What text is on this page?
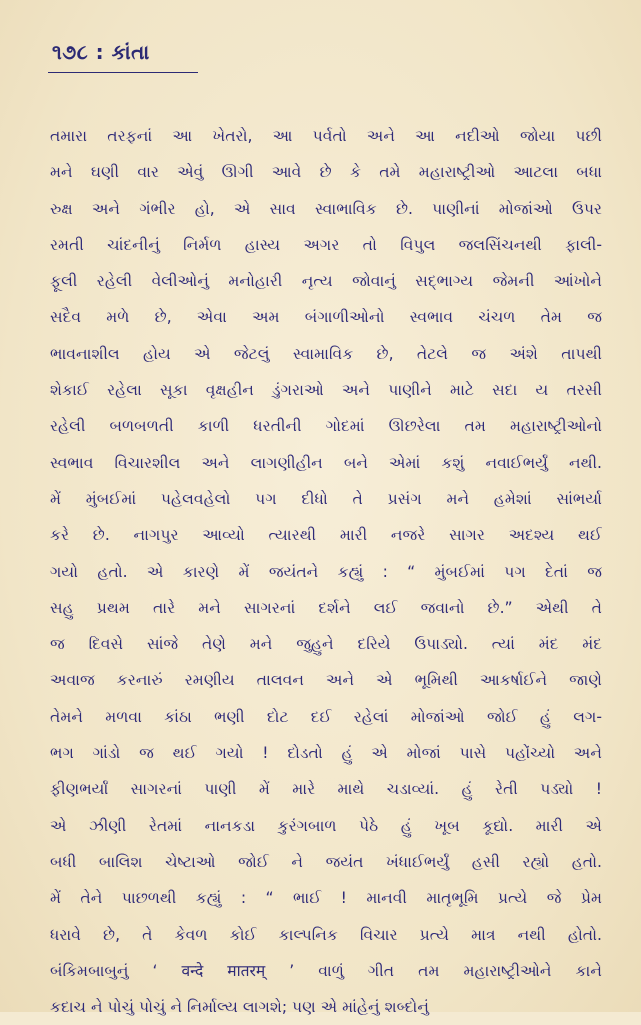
૧૭૮ : કાંતા
તમારા તરફનાં આ ખેતરો, આ પર્વતો અને આ નદીઓ જોયા પછી
મને ઘણી વાર એવું ઊગી આવે છે કે તમે મહારાષ્ટ્રીઓ આટલા બધા
રુક્ષ અને ગંભીર હો, એ સાવ સ્વાભાવિક છે. પાણીનાં મોજાંઓ ઉપર
રમતી ચાંદનીનું નિર્મળ હાસ્ય અગર તો વિપુલ જલસિંચનથી ફાલી-
ફૂલી રહેલી વેલીઓનું મનોહારી નૃત્ય જોવાનું સદ્ભાગ્ય જેમની આંખોને
સદૈવ મળે છે, એવા અમ બંગાળીઓનો સ્વભાવ ચંચળ તેમ જ
ભાવનાશીલ હોય એ જેટલું સ્વામાવિક છે, તેટલે જ અંશે તાપથી
શેકાઈ રહેલા સૂકા વૃક્ષહીન ડુંગરાઓ અને પાણીને માટે સદા ય તરસી
રહેલી બળબળતી કાળી ધરતીની ગોદમાં ઊછરેલા તમ મહારાષ્ટ્રીઓનો
સ્વભાવ વિચારશીલ અને લાગણીહીન બને એમાં કશું નવાઈભર્યું નથી.
મેં મુંબઈમાં પહેલવહેલો પગ દીધો તે પ્રસંગ મને હમેશાં સાંભર્યા
કરે છે. નાગપુર આવ્યો ત્યારથી મારી નજરે સાગર અદશ્ય થઈ
ગયો હતો. એ કારણે મેં જયંતને કહ્યું : “ મુંબઈમાં પગ દેતાં જ
સહુ પ્રથમ તારે મને સાગરનાં દર્શને લઈ જવાનો છે.” એથી તે
જ દિવસે સાંજે તેણે મને જુહુને દરિયે ઉપાડ્યો. ત્યાં મંદ મંદ
અવાજ કરનારું રમણીય તાલવન અને એ ભૂમિથી આકર્ષાઈને જાણે
તેમને મળવા કાંઠા ભણી દોટ દઈ રહેલાં મોજાંઓ જોઈ હું લગ-
ભગ ગાંડો જ થઈ ગયો ! દોડતો હું એ મોજાં પાસે પહોંચ્યો અને
ફીણભર્યાં સાગરનાં પાણી મેં મારે માથે ચડાવ્યાં. હું રેતી પડ્યો !
એ ઝીણી રેતમાં નાનકડા કુરંગબાળ પેઠે હું ખૂબ કૂદ્યો. મારી એ
બધી બાલિશ ચેષ્ટાઓ જોઈ ને જયંત ખંધાઈભર્યું હસી રહ્યો હતો.
મેં તેને પાછળથી કહ્યું : “ ભાઈ ! માનવી માતૃભૂમિ પ્રત્યે જે પ્રેમ
ધરાવે છે, તે કેવળ કોઈ કાલ્પનિક વિચાર પ્રત્યે માત્ર નથી હોતો.
બંકિમબાબુનું ‘ वन्दे मातरम् ’ વાળું ગીત તમ મહારાષ્ટ્રીઓને કાને
કદાચ ને પોચું પોચું ને નિર્માલ્ય લાગશે; પણ એ માંહેનું શબ્દોનું
